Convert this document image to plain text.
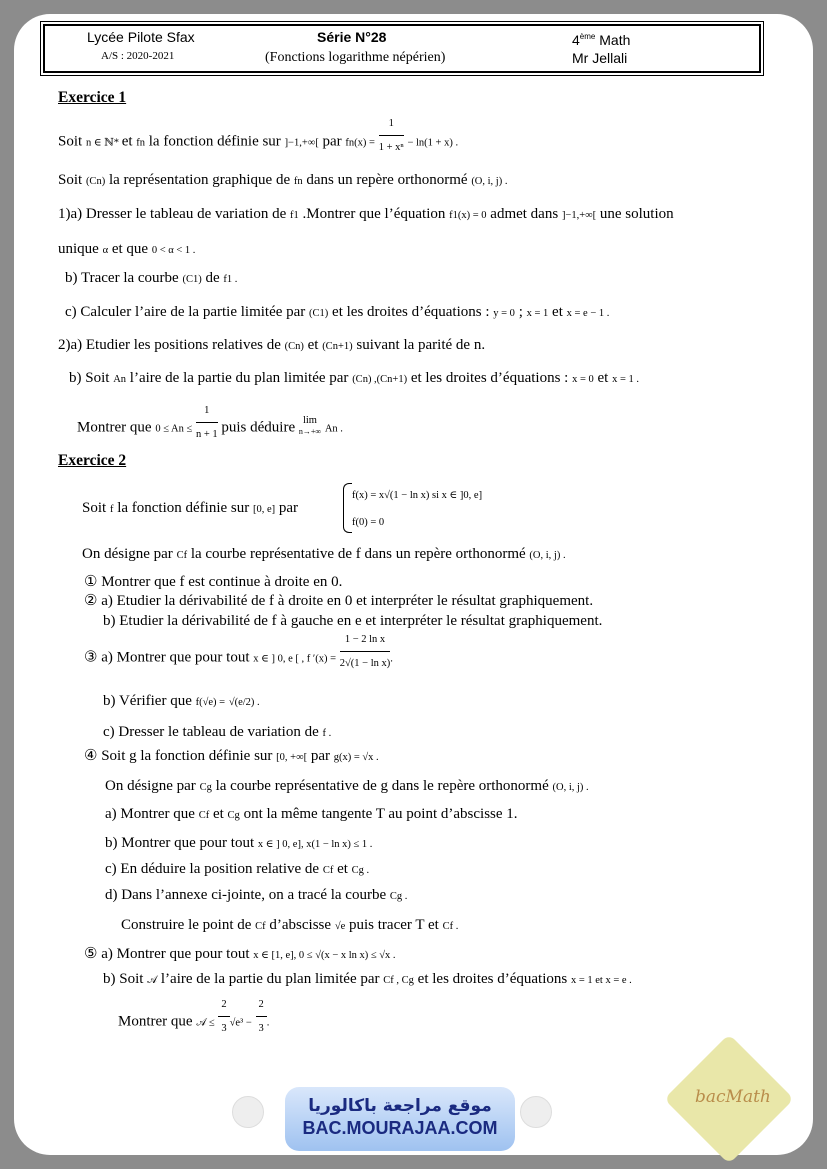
Lycée Pilote Sfax
A/S : 2020-2021
Série N°28
(Fonctions logarithme népérien)
4ème Math
Mr Jellali
Exercice 1
Soit n ∈ ℕ* et fn la fonction définie sur ]−1,+∞[ par $fn(x) = \frac{1}{\text{1 + xⁿ}} - \ln(1 + x)$ .
Soit (Cn) la représentation graphique de fn dans un repère orthonormé (O, i, j) .
1)a) Dresser le tableau de variation de f1 .Montrer que l’équation f1(x) = 0 admet dans ]−1,+∞[ une solution
unique α et que 0 < α < 1 .
b) Tracer la courbe (C1) de f1 .
c) Calculer l’aire de la partie limitée par (C1) et les droites d’équations : y = 0 ; x = 1 et x = e − 1 .
2)a) Etudier les positions relatives de (Cn) et (Cn+1) suivant la parité de n.
b) Soit An l’aire de la partie du plan limitée par (Cn) ,(Cn+1) et les droites d’équations : x = 0 et x = 1 .
Montrer que $0 \le An \le \frac{1}{n + 1}$ puis déduire lim
n→+∞ An .
Exercice 2
Soit f la fonction définie sur [0, e] par
f(x) = x√(1 − ln x) si x ∈ ]0, e]
f(0) = 0
On désigne par Cf la courbe représentative de f dans un repère orthonormé (O, i, j) .
① Montrer que f est continue à droite en 0.
② a) Etudier la dérivabilité de f à droite en 0 et interpréter le résultat graphiquement.
b) Etudier la dérivabilité de f à gauche en e et interpréter le résultat graphiquement.
③ a) Montrer que pour tout x ∈ ] 0, e [ , f $'(x) = \frac{\text{1 − 2 ln x}}{\text{2√(1 − ln x)}}$ .
b) Vérifier que f(√e) = √(e/2) .
c) Dresser le tableau de variation de f .
④ Soit g la fonction définie sur [0, +∞[ par g(x) = √x .
On désigne par Cg la courbe représentative de g dans le repère orthonormé (O, i, j) .
a) Montrer que Cf et Cg ont la même tangente T au point d’abscisse 1.
b) Montrer que pour tout x ∈ ] 0, e], x(1 − ln x) ≤ 1 .
c) En déduire la position relative de Cf et Cg .
d) Dans l’annexe ci-jointe, on a tracé la courbe Cg .
Construire le point de Cf d’abscisse √e puis tracer T et Cf .
⑤ a) Montrer que pour tout x ∈ [1, e], 0 ≤ √(x − x ln x) ≤ √x .
b) Soit 𝒜 l’aire de la partie du plan limitée par Cf , Cg et les droites d’équations x = 1 et x = e .
Montrer que 𝒜 ≤ $\frac{2}{3} √e^3 - \frac{2}{3}$ .
موقع مراجعة باكالوريا
BAC.MOURAJAA.COM
bacMath
